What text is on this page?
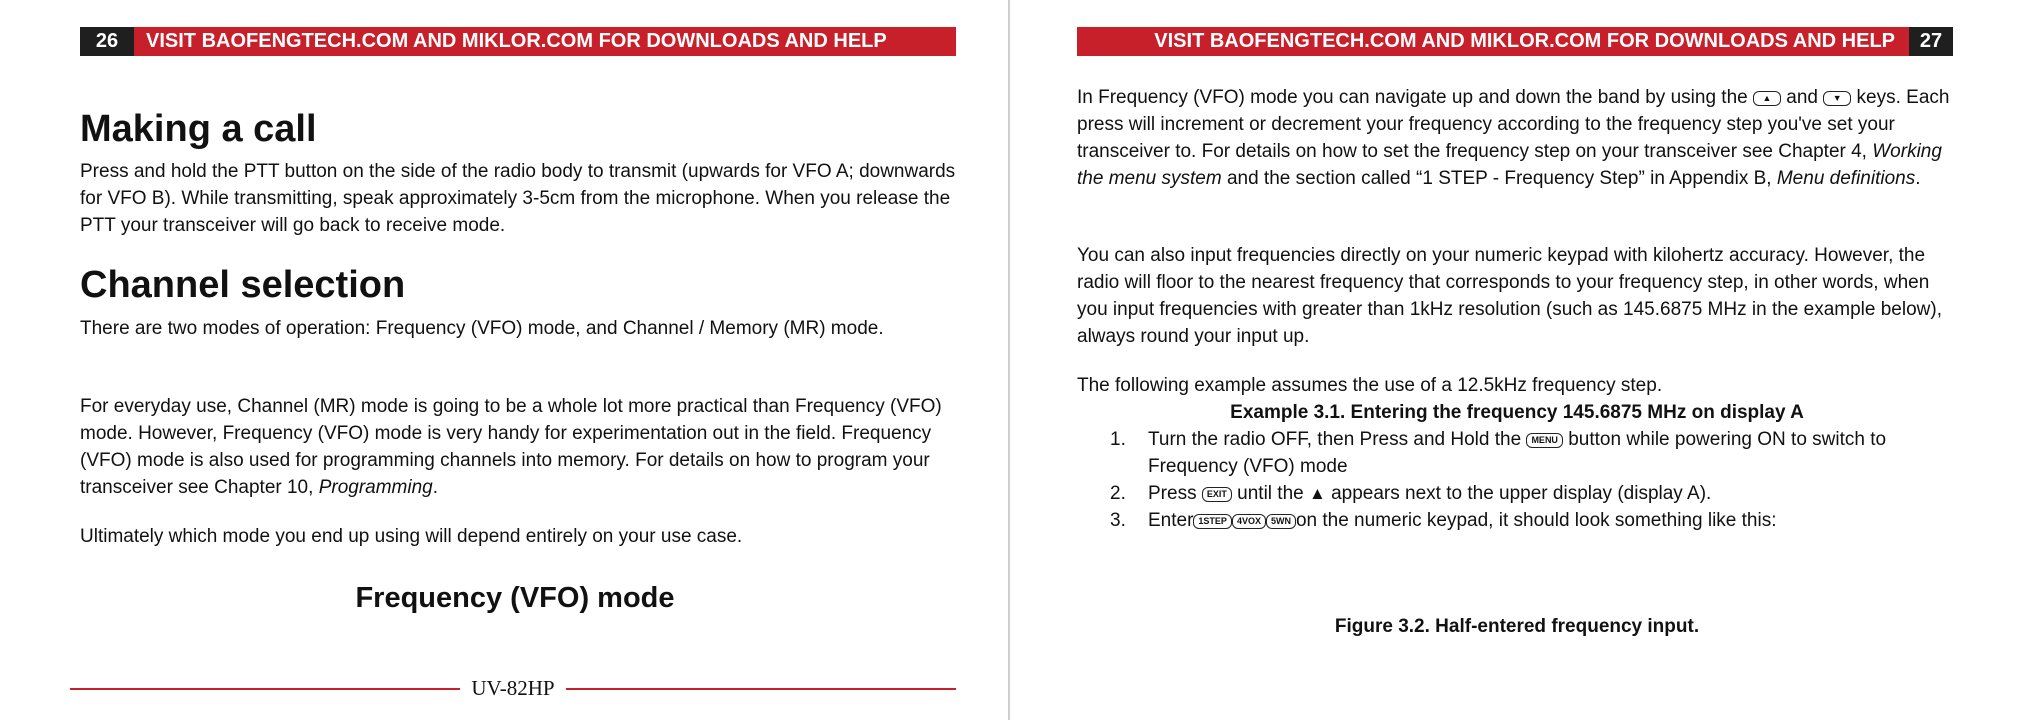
26	VISIT BAOFENGTECH.COM AND MIKLOR.COM FOR DOWNLOADS AND HELP
Making a call

Press and hold the PTT button on the side of the radio body to transmit (upwards for VFO A; downwards for VFO B). While transmitting, speak approximately 3-5cm from the microphone. When you release the PTT your transceiver will go back to receive mode.

Channel selection

There are two modes of operation: Frequency (VFO) mode, and Channel / Memory (MR) mode.

For everyday use, Channel (MR) mode is going to be a whole lot more practical than Frequency (VFO) mode. However, Frequency (VFO) mode is very handy for experimentation out in the field. Frequency (VFO) mode is also used for programming channels into memory. For details on how to program your transceiver see Chapter 10, Programming.

Ultimately which mode you end up using will depend entirely on your use case.

Frequency (VFO) mode
UV-82HP
VISIT BAOFENGTECH.COM AND MIKLOR.COM FOR DOWNLOADS AND HELP	27

In Frequency (VFO) mode you can navigate up and down the band by using the ▲ and ▼ keys. Each press will increment or decrement your frequency according to the frequency step you've set your transceiver to. For details on how to set the frequency step on your transceiver see Chapter 4, Working the menu system and the section called “1 STEP - Frequency Step” in Appendix B, Menu definitions.

You can also input frequencies directly on your numeric keypad with kilohertz accuracy. However, the radio will floor to the nearest frequency that corresponds to your frequency step, in other words, when you input frequencies with greater than 1kHz resolution (such as 145.6875 MHz in the example below), always round your input up.

The following example assumes the use of a 12.5kHz frequency step.

Example 3.1. Entering the frequency 145.6875 MHz on display A
1.	Turn the radio OFF, then Press and Hold the MENU button while powering ON to switch to Frequency (VFO) mode
2.	Press EXIT until the ▲ appears next to the upper display (display A).
3.	Enter 1STEP 4VOX 5WN on the numeric keypad, it should look something like this:
Figure 3.2. Half-entered frequency input.
